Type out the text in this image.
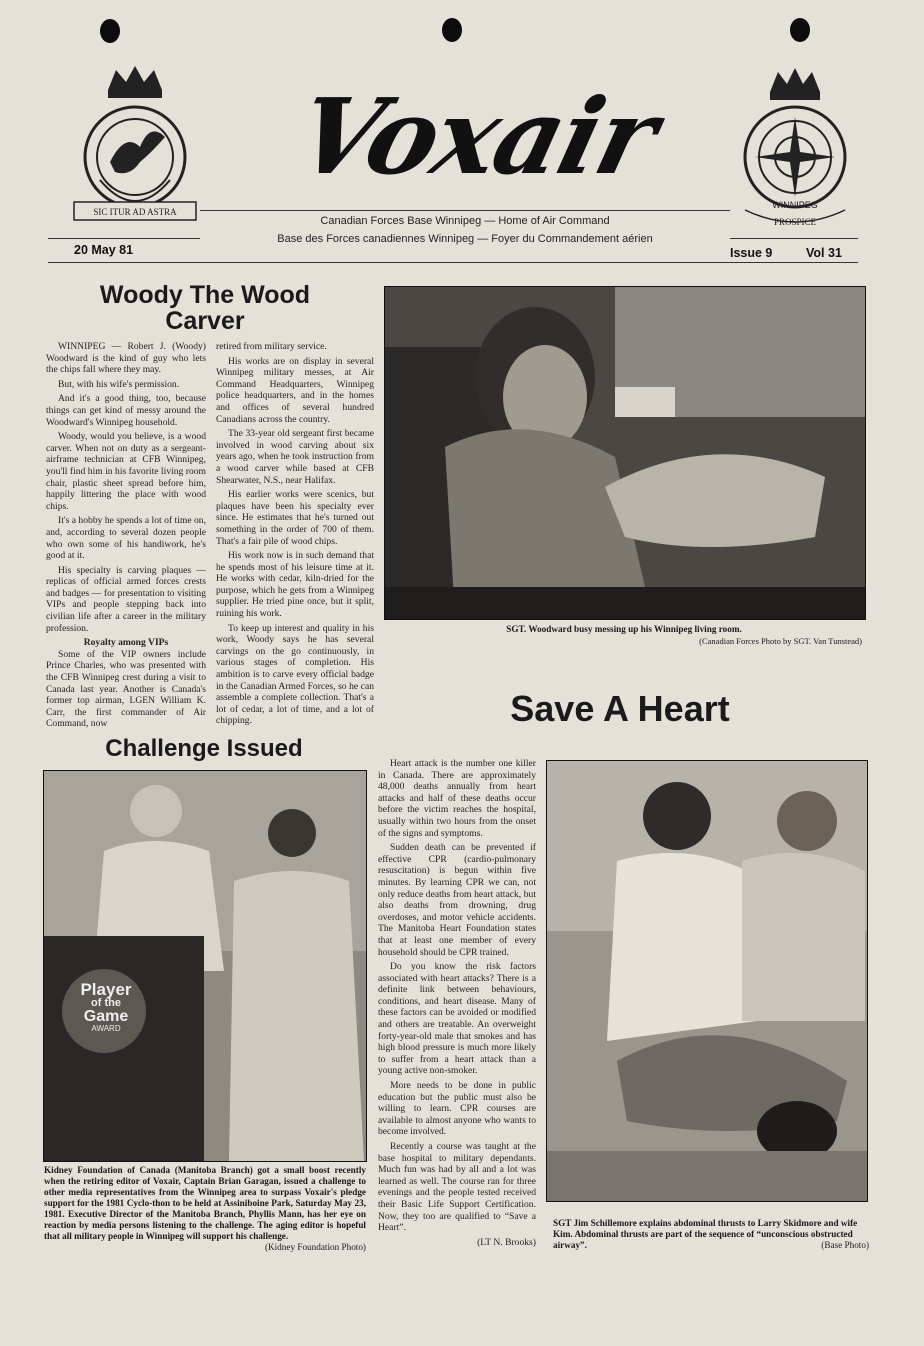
SIC ITUR AD ASTRA
WINNIPEG
PROSPICE
Voxair
Canadian Forces Base Winnipeg — Home of Air Command
Base des Forces canadiennes Winnipeg — Foyer du Commandement aérien
20 May 81	Issue 9	Vol 31
Woody The Wood Carver

WINNIPEG — Robert J. (Woody) Woodward is the kind of guy who lets the chips fall where they may.

But, with his wife's permission.

And it's a good thing, too, because things can get kind of messy around the Woodward's Winnipeg household.

Woody, would you believe, is a wood carver. When not on duty as a sergeant-airframe technician at CFB Winnipeg, you'll find him in his favorite living room chair, plastic sheet spread before him, happily littering the place with wood chips.

It's a hobby he spends a lot of time on, and, according to several dozen people who own some of his handiwork, he's good at it.

His specialty is carving plaques — replicas of official armed forces crests and badges — for presentation to visiting VIPs and people stepping back into civilian life after a career in the military profession.

Royalty among VIPs

Some of the VIP owners include Prince Charles, who was presented with the CFB Winnipeg crest during a visit to Canada last year. Another is Canada's former top airman, LGEN William K. Carr, the first commander of Air Command, now

retired from military service.

His works are on display in several Winnipeg military messes, at Air Command Headquarters, Winnipeg police headquarters, and in the homes and offices of several hundred Canadians across the country.

The 33-year old sergeant first became involved in wood carving about six years ago, when he took instruction from a wood carver while based at CFB Shearwater, N.S., near Halifax.

His earlier works were scenics, but plaques have been his specialty ever since. He estimates that he's turned out something in the order of 700 of them. That's a fair pile of wood chips.

His work now is in such demand that he spends most of his leisure time at it. He works with cedar, kiln-dried for the purpose, which he gets from a Winnipeg supplier. He tried pine once, but it split, ruining his work.

To keep up interest and quality in his work, Woody says he has several carvings on the go continuously, in various stages of completion. His ambition is to carve every official badge in the Canadian Armed Forces, so he can assemble a complete collection. That's a lot of cedar, a lot of time, and a lot of chipping.

SGT. Woodward busy messing up his Winnipeg living room.
(Canadian Forces Photo by SGT. Van Tunstead)
Challenge Issued
Player
of the
Game
AWARD
Kidney Foundation of Canada (Manitoba Branch) got a small boost recently when the retiring editor of Voxair, Captain Brian Garagan, issued a challenge to other media representatives from the Winnipeg area to surpass Voxair's pledge support for the 1981 Cyclo-thon to be held at Assiniboine Park, Saturday May 23, 1981. Executive Director of the Manitoba Branch, Phyllis Mann, has her eye on reaction by media persons listening to the challenge. The aging editor is hopeful that all military people in Winnipeg will support his challenge.
(Kidney Foundation Photo)
Save A Heart

Heart attack is the number one killer in Canada. There are approximately 48,000 deaths annually from heart attacks and half of these deaths occur before the victim reaches the hospital, usually within two hours from the onset of the signs and symptoms.

Sudden death can be prevented if effective CPR (cardio-pulmonary resuscitation) is begun within five minutes. By learning CPR we can, not only reduce deaths from heart attack, but also deaths from drowning, drug overdoses, and motor vehicle accidents. The Manitoba Heart Foundation states that at least one member of every household should be CPR trained.

Do you know the risk factors associated with heart attacks? There is a definite link between behaviours, conditions, and heart disease. Many of these factors can be avoided or modified and others are treatable. An overweight forty-year-old male that smokes and has high blood pressure is much more likely to suffer from a heart attack than a young active non-smoker.

More needs to be done in public education but the public must also be willing to learn. CPR courses are available to almost anyone who wants to become involved.

Recently a course was taught at the base hospital to military dependants. Much fun was had by all and a lot was learned as well. The course ran for three evenings and the people tested received their Basic Life Support Certification. Now, they too are qualified to “Save a Heart”.

(LT N. Brooks)
SGT Jim Schillemore explains abdominal thrusts to Larry Skidmore and wife Kim. Abdominal thrusts are part of the sequence of “unconscious obstructed airway”.	(Base Photo)
